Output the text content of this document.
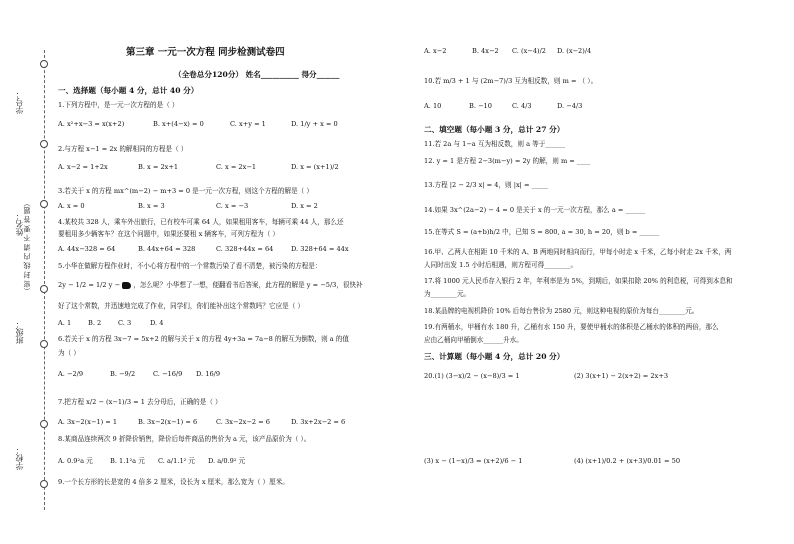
学号：
姓名： （密 封 线 内 请 不 要 答 题）
班级：
学校：
第三章 一元一次方程 同步检测试卷四
（全卷总分120分） 姓名__________ 得分______
一、选择题（每小题 4 分，总计 40 分）
1.下列方程中，是一元一次方程的是（ ）
A. x²+x−3 = x(x+2)	B. x+(4−x) = 0	C. x+y = 1	D. 1/y + x = 0
2.与方程 x−1 = 2x 的解相同的方程是（ ）
A. x−2 = 1+2x	B. x = 2x+1	C. x = 2x−1	D. x = (x+1)/2
3.若关于 x 的方程 mx^(m−2) − m+3 = 0 是一元一次方程，则这个方程的解是（ ）
A. x = 0	B. x = 3	C. x = −3	D. x = 2
4.某校共 328 人，乘车外出旅行，已有校车可乘 64 人，如果租用客车，每辆可乘 44 人，那么还
要租用多少辆客车？在这个问题中，如果还要租 x 辆客车，可列方程为（ ）
A. 44x−328 = 64	B. 44x+64 = 328	C. 328+44x = 64	D. 328+64 = 44x
5.小华在做解方程作业时，不小心将方程中的一个常数污染了看不清楚，被污染的方程是：
2y − 1/2 = 1/2 y − ，怎么呢？小华想了一想，便翻看书后答案，此方程的解是 y = −5/3，很快补
好了这个常数，并迅速地完成了作业，同学们，你们能补出这个常数吗？它应是（ ）
A. 1	B. 2	C. 3	D. 4
6.若关于 x 的方程 3x−7 = 5x+2 的解与关于 x 的方程 4y+3a = 7a−8 的解互为倒数，则 a 的值
为（ ）
A. −2/9	B. −9/2	C. −16/9 D. 16/9
7.把方程 x/2 − (x−1)/3 = 1 去分母后，正确的是（ ）
A. 3x−2(x−1) = 1	B. 3x−2(x−1) = 6	C. 3x−2x−2 = 6	D. 3x+2x−2 = 6
8.某商品连续两次 9 折降价销售，降价后每件商品的售价为 a 元，该产品原价为（ ）。
A. 0.9²a 元	B. 1.1²a 元 C. a/1.1² 元 D. a/0.9² 元
9.一个长方形的长是宽的 4 倍多 2 厘米，设长为 x 厘米，那么宽为（ ）厘米。
A. x−2	B. 4x−2 C. (x−4)/2 D. (x−2)/4
10.若 m/3 + 1 与 (2m−7)/3 互为相反数，则 m = （ ）。
A. 10	B. −10	C. 4/3	D. −4/3
二、填空题（每小题 3 分，总计 27 分）
11.若 2a 与 1−a 互为相反数，则 a 等于______
12. y = 1 是方程 2−3(m−y) = 2y 的解，则 m = ____
13.方程 |2 − 2/3 x| = 4，则 |x| = _____
14.如果 3x^(2a−2) − 4 = 0 是关于 x 的一元一次方程，那么 a = ______
15.在等式 S = (a+b)h/2 中，已知 S = 800, a = 30, h = 20，则 b = ______
16.甲、乙两人在相距 10 千米的 A、B 两地同时相向而行，甲每小时走 x 千米，乙每小时走 2x 千米，两
人同时出发 1.5 小时后相遇，则方程可得________。
17.将 1000 元人民币存入银行 2 年，年利率是为 5%，到期后，如果扣除 20% 的利息税，可得到本息和
为________元。
18.某品牌的电视机降价 10% 后每台售价为 2580 元，则这种电视的原价为每台________元。
19.有两桶水，甲桶有水 180 升，乙桶有水 150 升，要使甲桶水的体积是乙桶水的体积的两倍，那么
应由乙桶向甲桶倒水______升水。
三、计算题（每小题 4 分，总计 20 分）
20.(1) (3−x)/2 − (x−8)/3 = 1	(2) 3(x+1) − 2(x+2) = 2x+3
(3) x − (1−x)/3 = (x+2)/6 − 1	(4) (x+1)/0.2 + (x+3)/0.01 = 50
